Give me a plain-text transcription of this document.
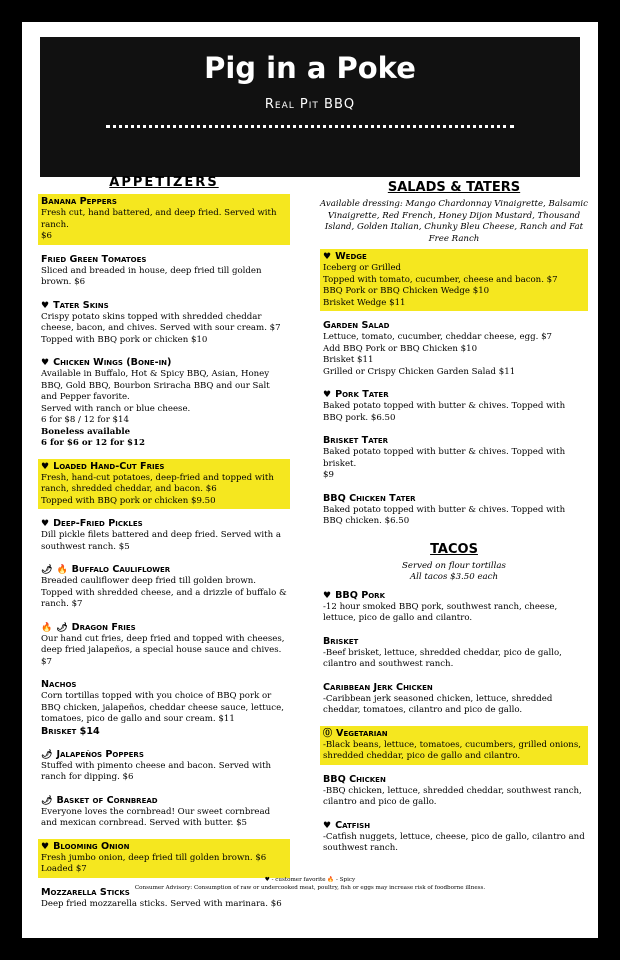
Pig in a Poke
Real Pit BBQ
APPETIZERS
Banana Peppers
Fresh cut, hand battered, and deep fried. Served with ranch.
$6
Fried Green Tomatoes
Sliced and breaded in house, deep fried till golden brown. $6
♥ Tater Skins
Crispy potato skins topped with shredded cheddar cheese, bacon, and chives. Served with sour cream. $7
Topped with BBQ pork or chicken $10
♥ Chicken Wings (Bone-in)
Available in Buffalo, Hot & Spicy BBQ, Asian, Honey BBQ, Gold BBQ, Bourbon Sriracha BBQ and our Salt and Pepper favorite.
Served with ranch or blue cheese.
6 for $8 / 12 for $14
Boneless available
6 for $6 or 12 for $12
♥ Loaded Hand-Cut Fries
Fresh, hand-cut potatoes, deep-fried and topped with ranch, shredded cheddar, and bacon. $6
Topped with BBQ pork or chicken $9.50
♥ Deep-Fried Pickles
Dill pickle filets battered and deep fried. Served with a southwest ranch. $5
🌶 🔥 Buffalo Cauliflower
Breaded cauliflower deep fried till golden brown. Topped with shredded cheese, and a drizzle of buffalo & ranch. $7
🔥 🌶 Dragon Fries
Our hand cut fries, deep fried and topped with cheeses, deep fried jalapeños, a special house sauce and chives. $7
Nachos
Corn tortillas topped with you choice of BBQ pork or BBQ chicken, jalapeños, cheddar cheese sauce, lettuce, tomatoes, pico de gallo and sour cream. $11
Brisket $14
🌶 Jalapeños Poppers
Stuffed with pimento cheese and bacon. Served with ranch for dipping. $6
🌶 Basket of Cornbread
Everyone loves the cornbread! Our sweet cornbread and mexican cornbread. Served with butter. $5
♥ Blooming Onion
Fresh jumbo onion, deep fried till golden brown. $6
Loaded $7
Mozzarella Sticks
Deep fried mozzarella sticks. Served with marinara. $6
SALADS & TATERS
Available dressing: Mango Chardonnay Vinaigrette, Balsamic Vinaigrette, Red French, Honey Dijon Mustard, Thousand Island, Golden Italian, Chunky Bleu Cheese, Ranch and Fat Free Ranch
♥ Wedge
Iceberg or Grilled
Topped with tomato, cucumber, cheese and bacon. $7
BBQ Pork or BBQ Chicken Wedge $10
Brisket Wedge $11
Garden Salad
Lettuce, tomato, cucumber, cheddar cheese, egg. $7
Add BBQ Pork or BBQ Chicken $10
Brisket $11
Grilled or Crispy Chicken Garden Salad $11
♥ Pork Tater
Baked potato topped with butter & chives. Topped with BBQ pork. $6.50
Brisket Tater
Baked potato topped with butter & chives. Topped with brisket.
$9
BBQ Chicken Tater
Baked potato topped with butter & chives. Topped with BBQ chicken. $6.50
TACOS
Served on flour tortillas
All tacos $3.50 each
♥ BBQ Pork
-12 hour smoked BBQ pork, southwest ranch, cheese, lettuce, pico de gallo and cilantro.
Brisket
-Beef brisket, lettuce, shredded cheddar, pico de gallo, cilantro and southwest ranch.
Caribbean Jerk Chicken
-Caribbean jerk seasoned chicken, lettuce, shredded cheddar, tomatoes, cilantro and pico de gallo.
⓪ Vegetarian
-Black beans, lettuce, tomatoes, cucumbers, grilled onions, shredded cheddar, pico de gallo and cilantro.
BBQ Chicken
-BBQ chicken, lettuce, shredded cheddar, southwest ranch, cilantro and pico de gallo.
♥ Catfish
-Catfish nuggets, lettuce, cheese, pico de gallo, cilantro and southwest ranch.
♥ - customer favorite 🔥 - Spicy
Consumer Advisory: Consumption of raw or undercooked meat, poultry, fish or eggs may increase risk of foodborne illness.
